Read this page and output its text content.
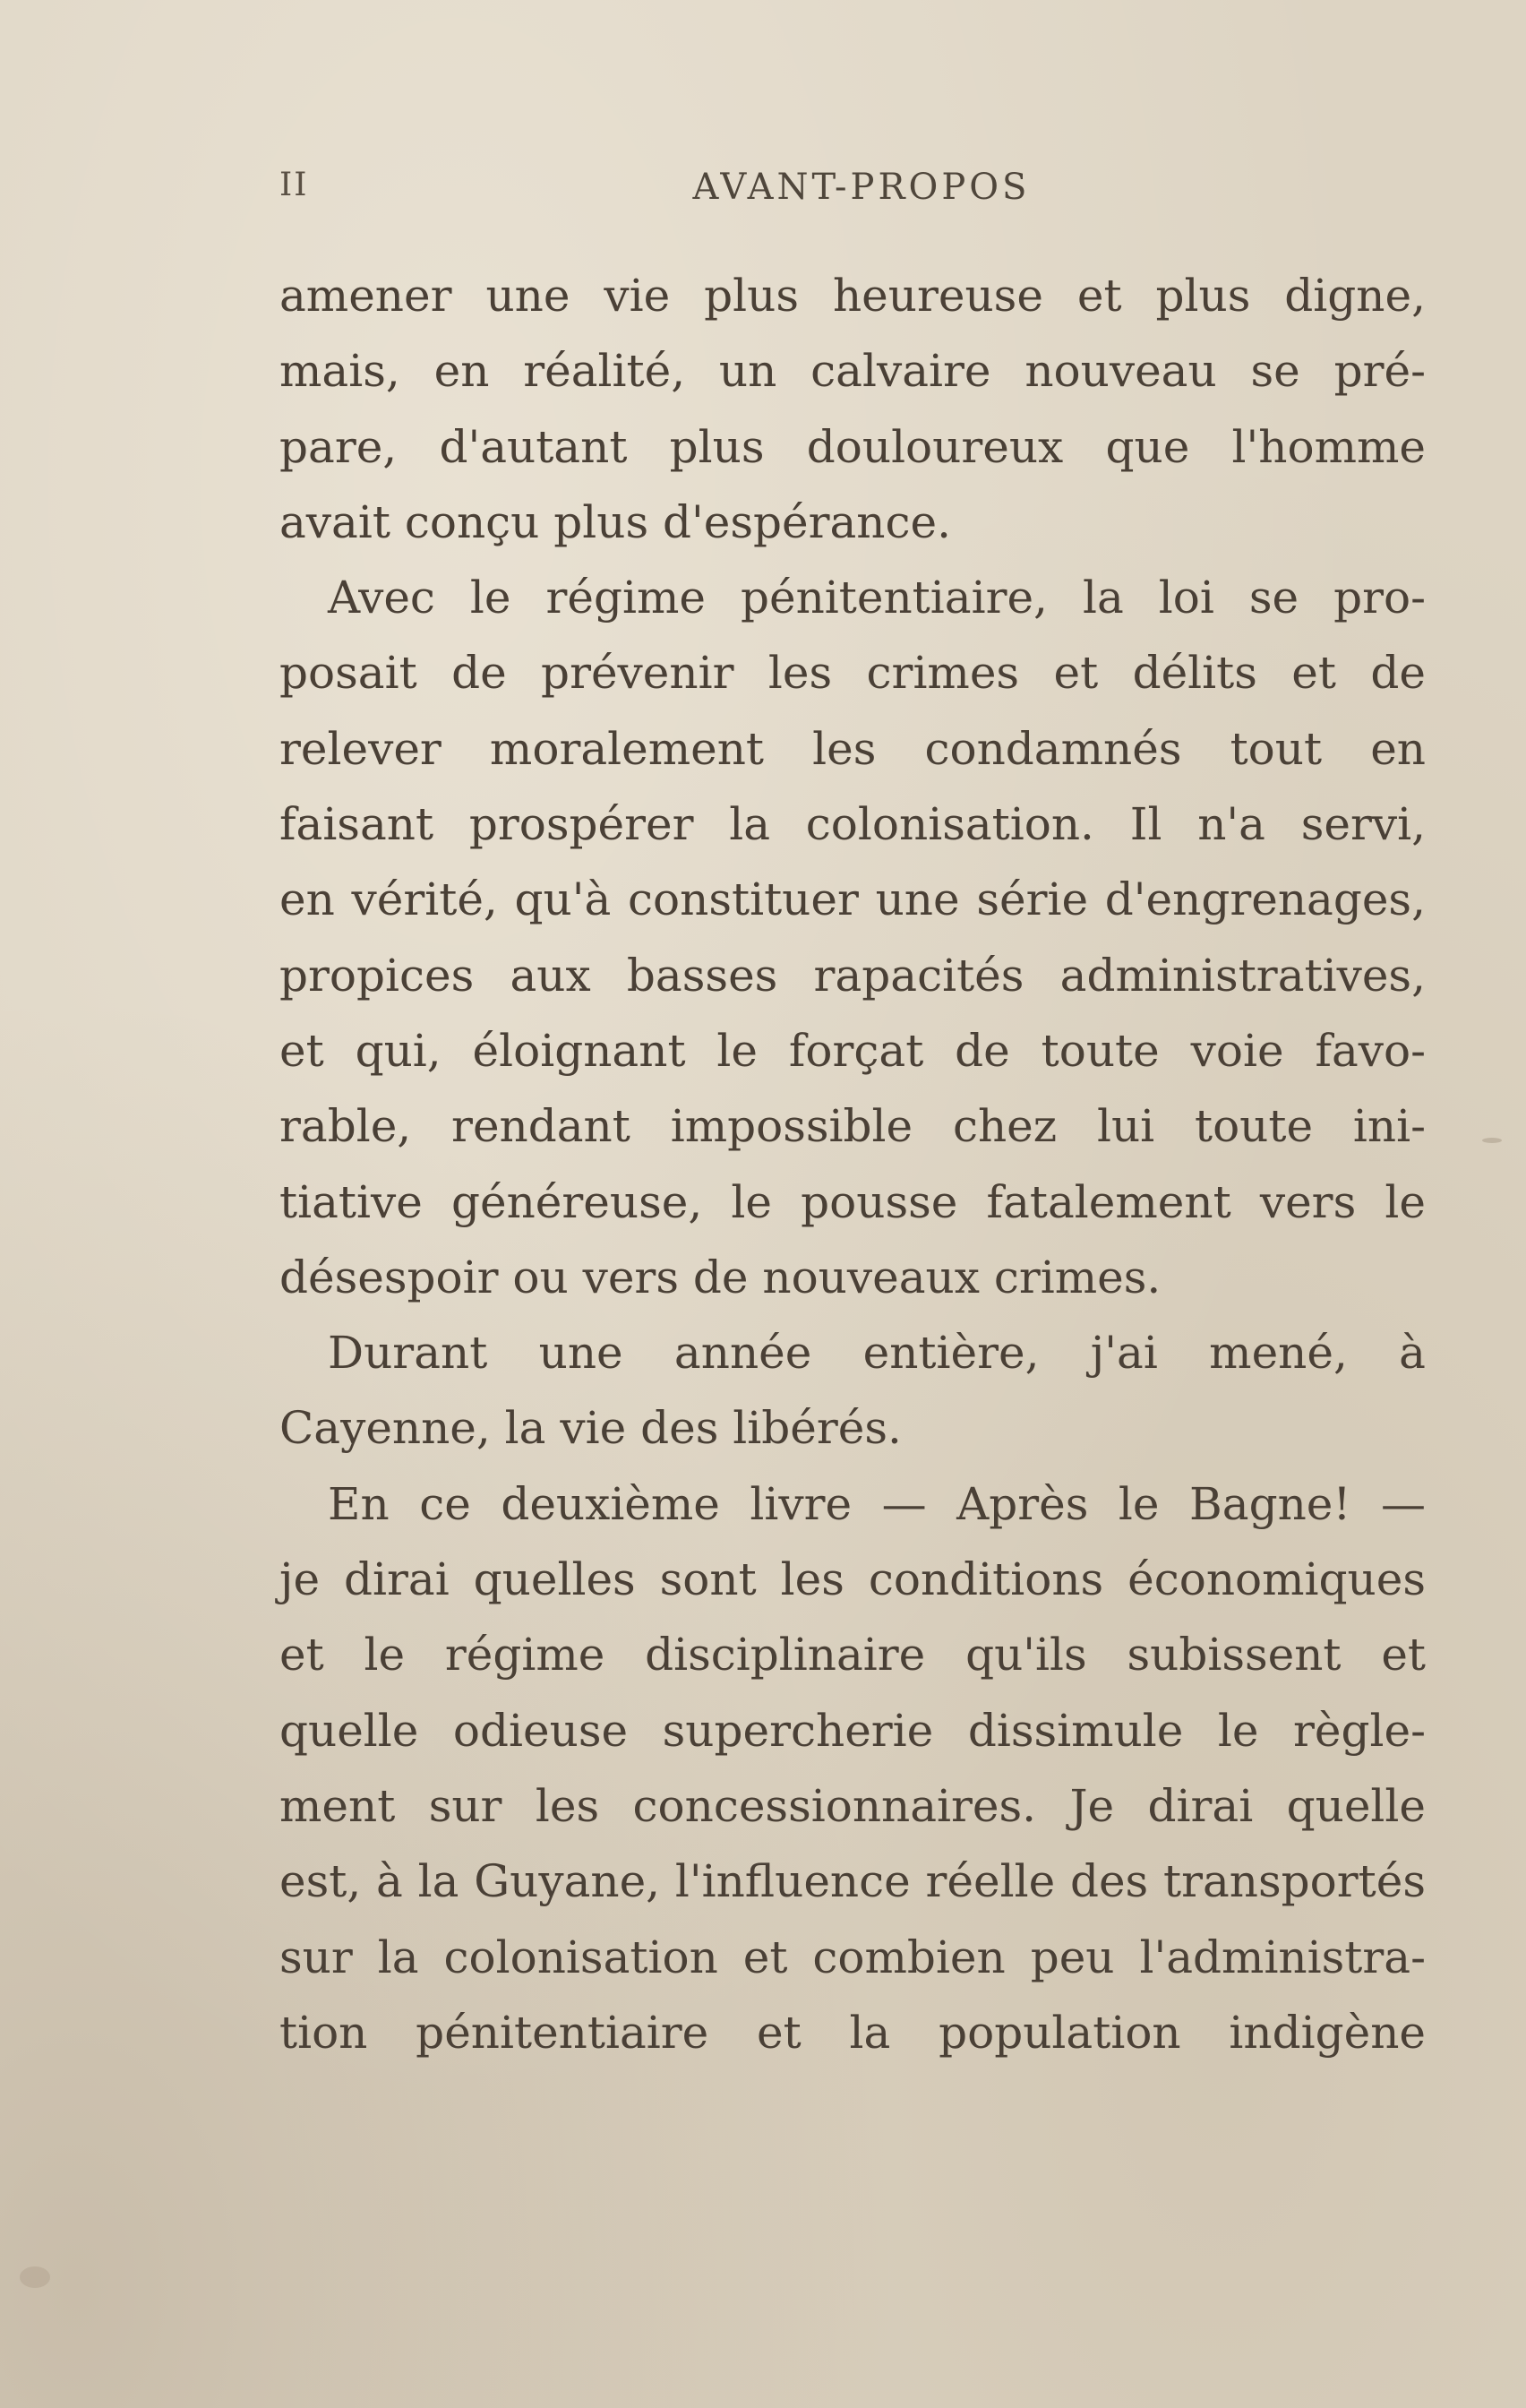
II	AVANT-PROPOS
amener une vie plus heureuse et plus digne,
mais, en réalité, un calvaire nouveau se pré-
pare, d'autant plus douloureux que l'homme
avait conçu plus d'espérance.
Avec le régime pénitentiaire, la loi se pro-
posait de prévenir les crimes et délits et de
relever moralement les condamnés tout en
faisant prospérer la colonisation. Il n'a servi,
en vérité, qu'à constituer une série d'engrenages,
propices aux basses rapacités administratives,
et qui, éloignant le forçat de toute voie favo-
rable, rendant impossible chez lui toute ini-
tiative généreuse, le pousse fatalement vers le
désespoir ou vers de nouveaux crimes.
Durant une année entière, j'ai mené, à
Cayenne, la vie des libérés.
En ce deuxième livre — Après le Bagne! —
je dirai quelles sont les conditions économiques
et le régime disciplinaire qu'ils subissent et
quelle odieuse supercherie dissimule le règle-
ment sur les concessionnaires. Je dirai quelle
est, à la Guyane, l'influence réelle des transportés
sur la colonisation et combien peu l'administra-
tion pénitentiaire et la population indigène
